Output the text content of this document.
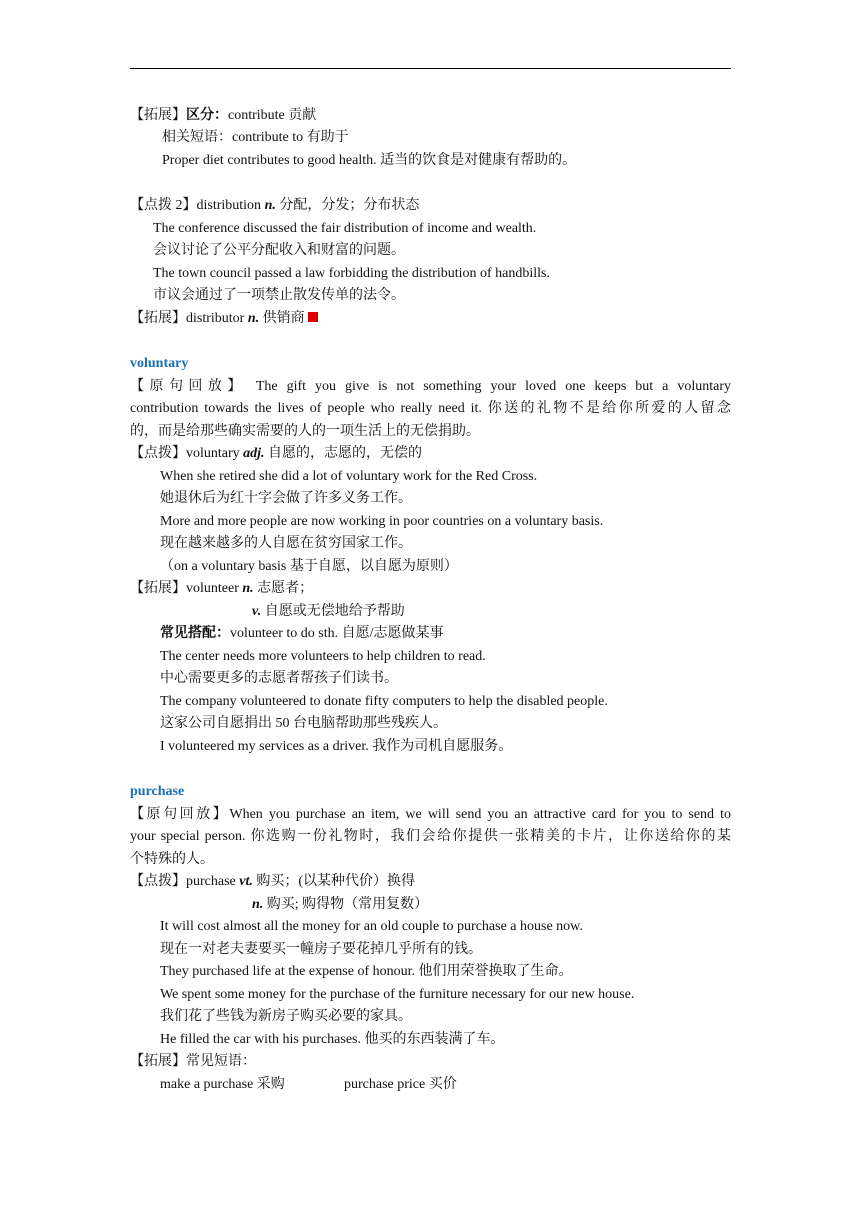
【拓展】区分：contribute 贡献
相关短语：contribute to 有助于
Proper diet contributes to good health. 适当的饮食是对健康有帮助的。
【点拨 2】distribution n. 分配，分发；分布状态
The conference discussed the fair distribution of income and wealth.
会议讨论了公平分配收入和财富的问题。
The town council passed a law forbidding the distribution of handbills.
市议会通过了一项禁止散发传单的法令。
【拓展】distributor n. 供销商
voluntary
【原句回放】 The gift you give is not something your loved one keeps but a voluntary
contribution towards the lives of people who really need it. 你送的礼物不是给你所爱的人留念
的，而是给那些确实需要的人的一项生活上的无偿捐助。
【点拨】voluntary adj. 自愿的，志愿的，无偿的
When she retired she did a lot of voluntary work for the Red Cross.
她退休后为红十字会做了许多义务工作。
More and more people are now working in poor countries on a voluntary basis.
现在越来越多的人自愿在贫穷国家工作。
（on a voluntary basis 基于自愿，以自愿为原则）
【拓展】volunteer n. 志愿者；
v. 自愿或无偿地给予帮助
常见搭配：volunteer to do sth. 自愿/志愿做某事
The center needs more volunteers to help children to read.
中心需要更多的志愿者帮孩子们读书。
The company volunteered to donate fifty computers to help the disabled people.
这家公司自愿捐出 50 台电脑帮助那些残疾人。
I volunteered my services as a driver. 我作为司机自愿服务。
purchase
【原句回放】When you purchase an item, we will send you an attractive card for you to send to
your special person. 你选购一份礼物时，我们会给你提供一张精美的卡片，让你送给你的某
个特殊的人。
【点拨】purchase vt. 购买；(以某种代价）换得
n. 购买; 购得物（常用复数）
It will cost almost all the money for an old couple to purchase a house now.
现在一对老夫妻要买一幢房子要花掉几乎所有的钱。
They purchased life at the expense of honour. 他们用荣誉换取了生命。
We spent some money for the purchase of the furniture necessary for our new house.
我们花了些钱为新房子购买必要的家具。
He filled the car with his purchases. 他买的东西装满了车。
【拓展】常见短语：
make a purchase 采购	purchase price 买价
